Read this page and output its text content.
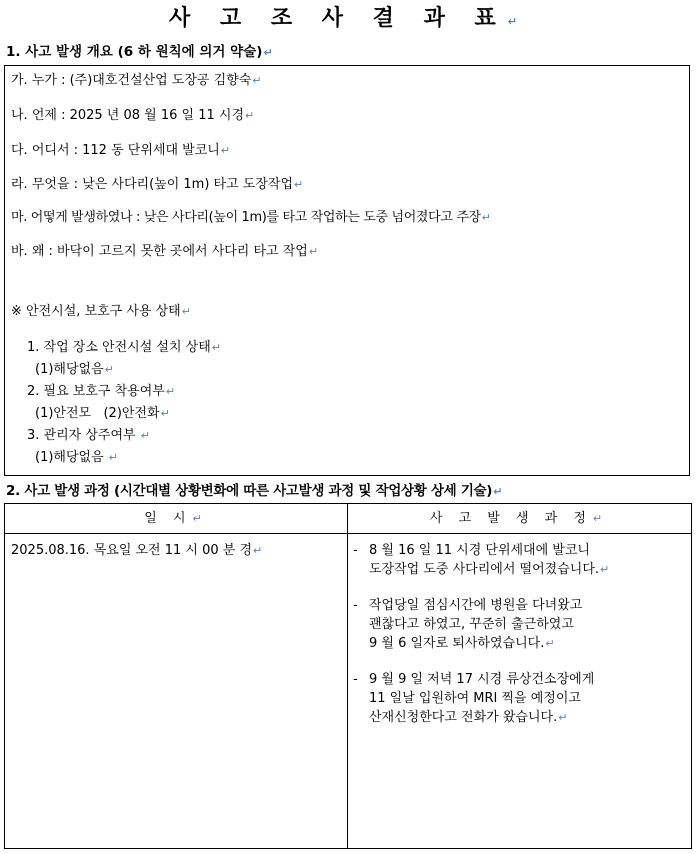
사 고 조 사 결 과 표↵
1. 사고 발생 개요 (6 하 원칙에 의거 약술)↵
가. 누가 : (주)대호건설산업 도장공 김향숙↵
나. 언제 : 2025 년 08 월 16 일 11 시경↵
다. 어디서 : 112 동 단위세대 발코니↵
라. 무엇을 : 낮은 사다리(높이 1m) 타고 도장작업↵
마. 어떻게 발생하였나 : 낮은 사다리(높이 1m)를 타고 작업하는 도중 넘어졌다고 주장↵
바. 왜 : 바닥이 고르지 못한 곳에서 사다리 타고 작업↵
※ 안전시설, 보호구 사용 상태↵
1. 작업 장소 안전시설 설치 상태↵
(1)해당없음↵
2. 필요 보호구 착용여부↵
(1)안전모   (2)안전화↵
3. 관리자 상주여부 ↵
(1)해당없음 ↵
2. 사고 발생 과정 (시간대별 상황변화에 따른 사고발생 과정 및 작업상황 상세 기술)↵
일 시↵	사 고 발 생 과 정↵
2025.08.16. 목요일 오전 11 시 00 분 경↵	- 8 월 16 일 11 시경 단위세대에 발코니
도장작업 도중 사다리에서 떨어졌습니다.↵
- 작업당일 점심시간에 병원을 다녀왔고
괜찮다고 하였고, 꾸준히 출근하였고
9 월 6 일자로 퇴사하였습니다.↵
- 9 월 9 일 저녁 17 시경 류상건소장에게
11 일날 입원하여 MRI 찍을 예정이고
산재신청한다고 전화가 왔습니다.↵
